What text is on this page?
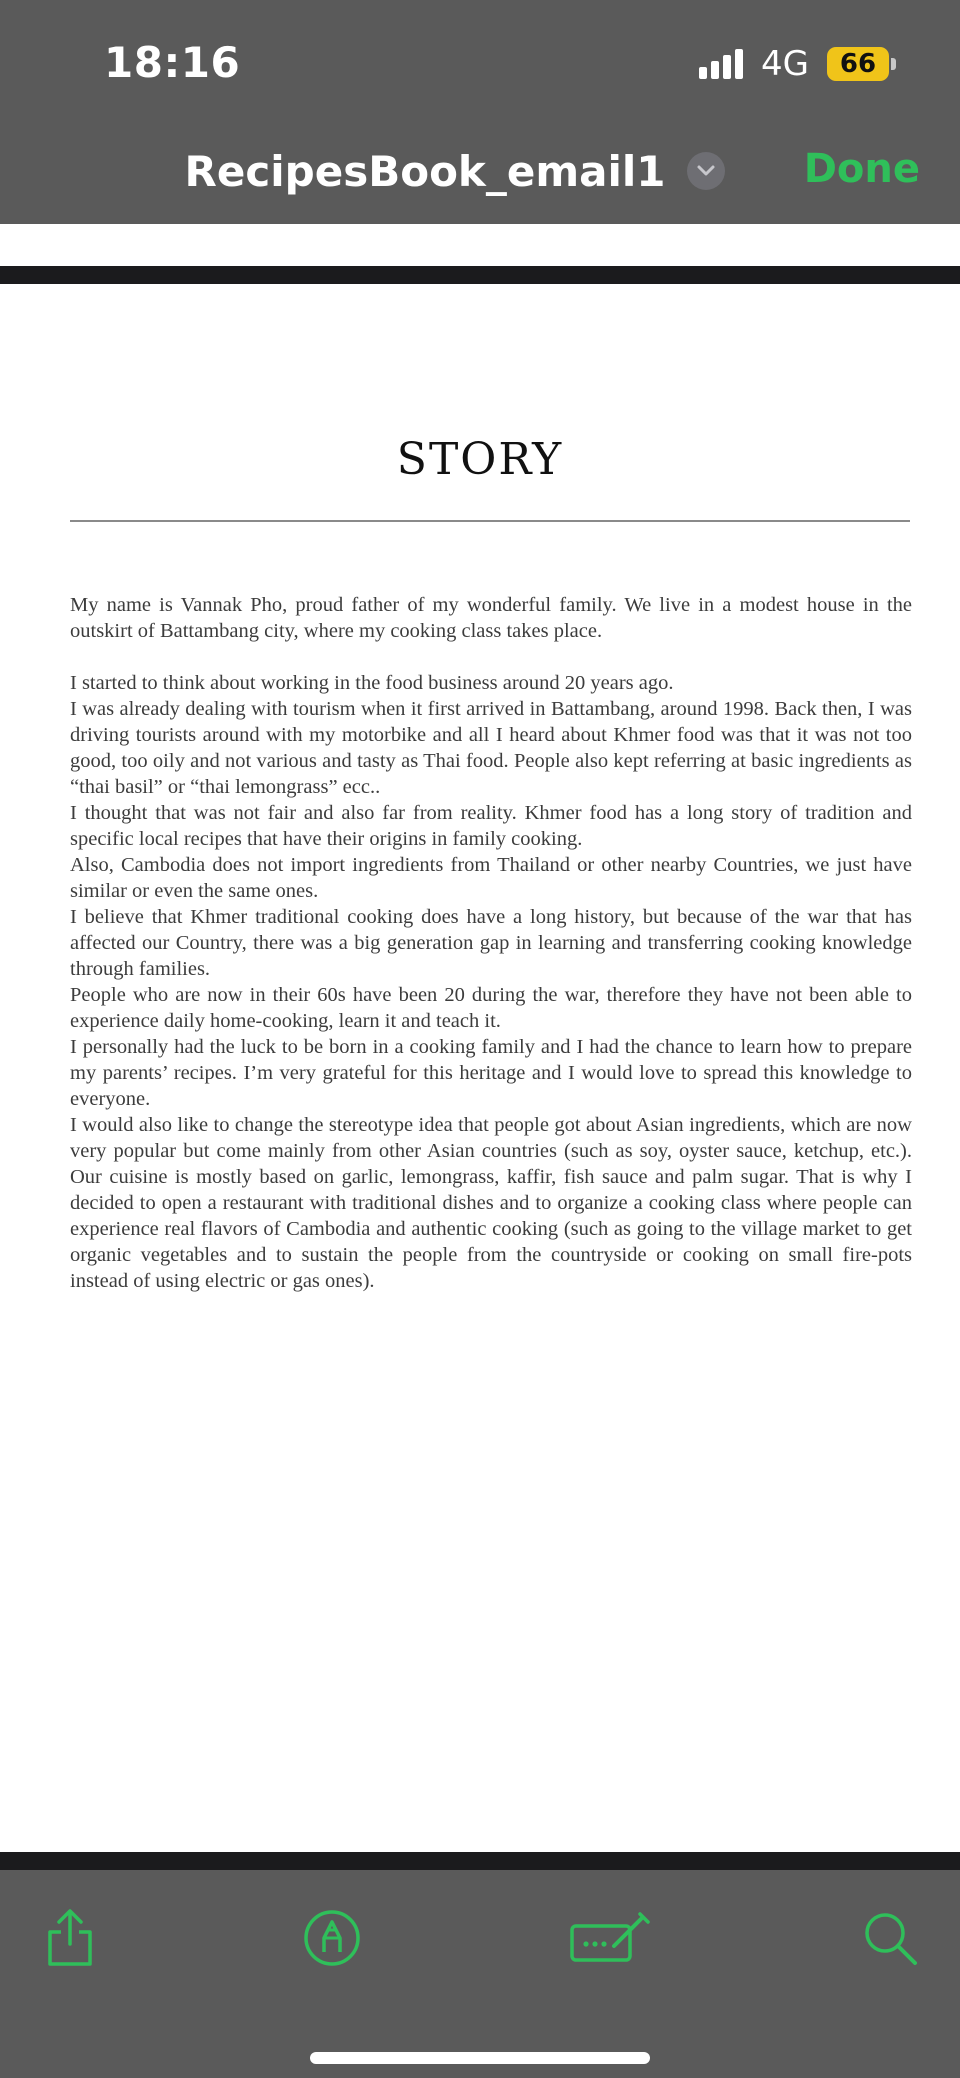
18:16	4G	66
RecipesBook_email1	Done
STORY

My name is Vannak Pho, proud father of my wonderful family. We live in a modest house in the outskirt of Battambang city, where my cooking class takes place.

I started to think about working in the food business around 20 years ago.

I was already dealing with tourism when it first arrived in Battambang, around 1998. Back then, I was driving tourists around with my motorbike and all I heard about Khmer food was that it was not too good, too oily and not various and tasty as Thai food. People also kept referring at basic ingredients as “thai basil” or “thai lemongrass” ecc..

I thought that was not fair and also far from reality. Khmer food has a long story of tradition and specific local recipes that have their origins in family cooking.

Also, Cambodia does not import ingredients from Thailand or other nearby Countries, we just have similar or even the same ones.

I believe that Khmer traditional cooking does have a long history, but because of the war that has affected our Country, there was a big generation gap in learning and transferring cooking knowledge through families.

People who are now in their 60s have been 20 during the war, therefore they have not been able to experience daily home-cooking, learn it and teach it.

I personally had the luck to be born in a cooking family and I had the chance to learn how to prepare my parents’ recipes. I’m very grateful for this heritage and I would love to spread this knowledge to everyone.

I would also like to change the stereotype idea that people got about Asian ingredients, which are now very popular but come mainly from other Asian countries (such as soy, oyster sauce, ketchup, etc.). Our cuisine is mostly based on garlic, lemongrass, kaffir, fish sauce and palm sugar. That is why I decided to open a restaurant with traditional dishes and to organize a cooking class where people can experience real flavors of Cambodia and authentic cooking (such as going to the village market to get organic vegetables and to sustain the people from the countryside or cooking on small fire-pots instead of using electric or gas ones).
